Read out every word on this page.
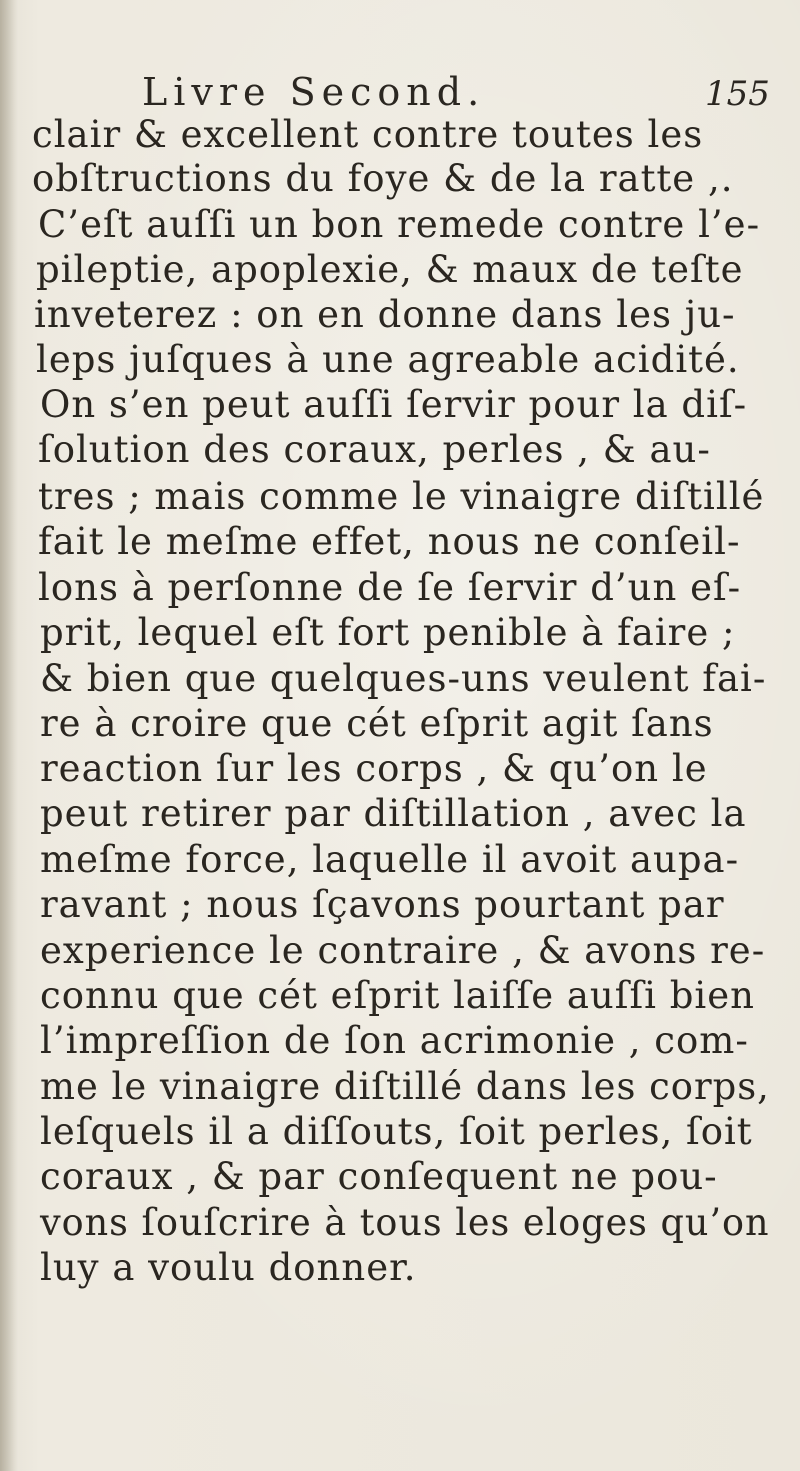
Livre Second.	155
clair & excellent contre toutes les
obſtructions du foye & de la ratte ,.
C’eſt auſſi un bon remede contre l’e-
pileptie, apoplexie, & maux de teſte
inveterez : on en donne dans les ju-
leps juſques à une agreable acidité.
On s’en peut auſſi ſervir pour la diſ-
ſolution des coraux, perles , & au-
tres ; mais comme le vinaigre diſtillé
fait le meſme effet, nous ne conſeil-
lons à perſonne de ſe ſervir d’un eſ-
prit, lequel eſt fort penible à faire ;
& bien que quelques-uns veulent fai-
re à croire que cét eſprit agit ſans
reaction ſur les corps , & qu’on le
peut retirer par diſtillation , avec la
meſme force, laquelle il avoit aupa-
ravant ; nous ſçavons pourtant par
experience le contraire , & avons re-
connu que cét eſprit laiſſe auſſi bien
l’impreſſion de ſon acrimonie , com-
me le vinaigre diſtillé dans les corps,
leſquels il a diſſouts, ſoit perles, ſoit
coraux , & par conſequent ne pou-
vons ſouſcrire à tous les eloges qu’on
luy a voulu donner.
